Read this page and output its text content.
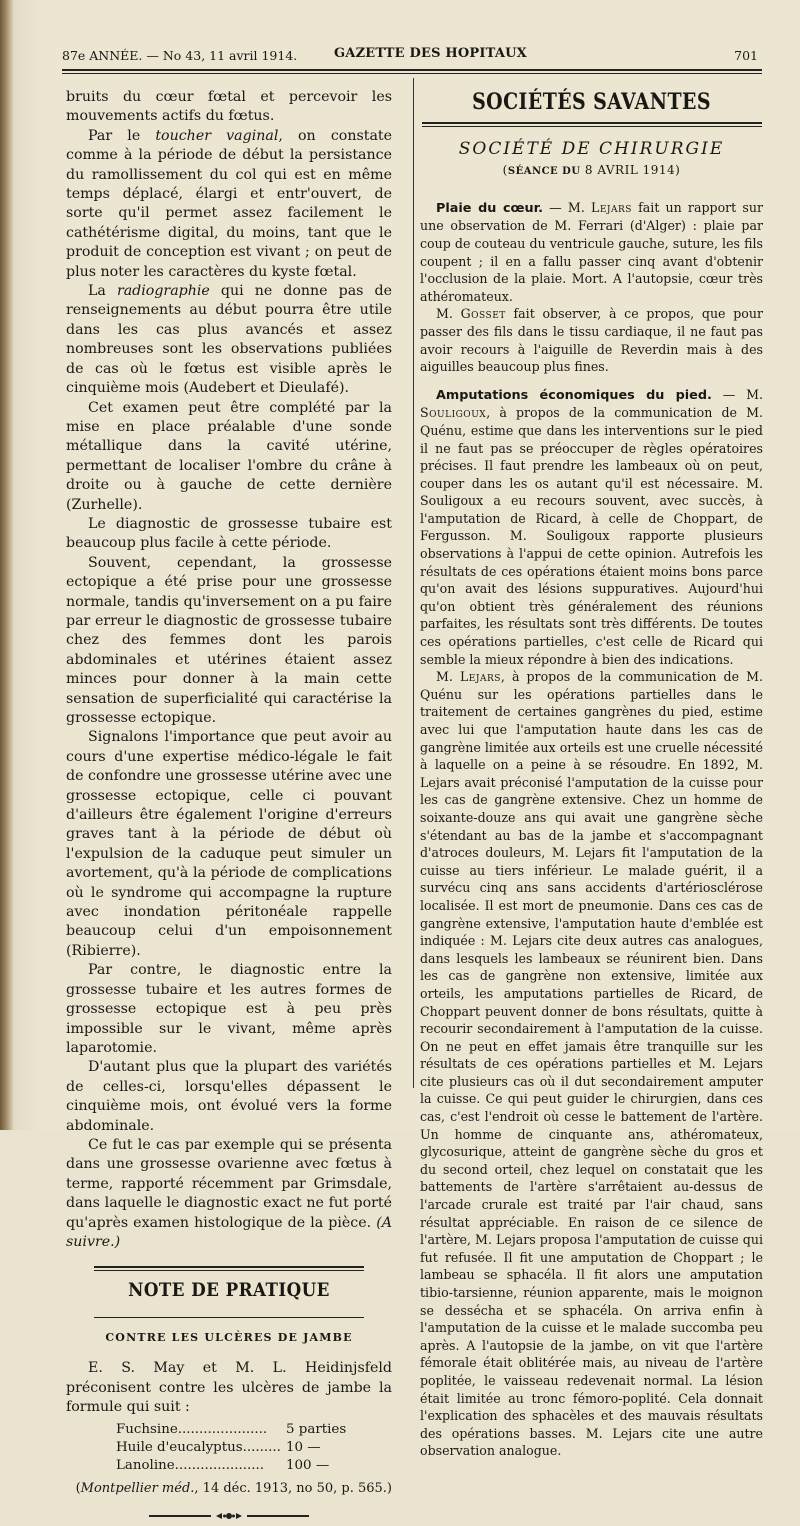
87e ANNÉE. — No 43, 11 avril 1914.	GAZETTE DES HOPITAUX	701

bruits du cœur fœtal et percevoir les mouvements actifs du fœtus.

Par le toucher vaginal, on constate comme à la période de début la persistance du ramollissement du col qui est en même temps déplacé, élargi et entr'ouvert, de sorte qu'il permet assez facilement le cathétérisme digital, du moins, tant que le produit de conception est vivant ; on peut de plus noter les caractères du kyste fœtal.

La radiographie qui ne donne pas de renseignements au début pourra être utile dans les cas plus avancés et assez nombreuses sont les observations publiées de cas où le fœtus est visible après le cinquième mois (Audebert et Dieulafé).

Cet examen peut être complété par la mise en place préalable d'une sonde métallique dans la cavité utérine, permettant de localiser l'ombre du crâne à droite ou à gauche de cette dernière (Zurhelle).

Le diagnostic de grossesse tubaire est beaucoup plus facile à cette période.

Souvent, cependant, la grossesse ectopique a été prise pour une grossesse normale, tandis qu'inversement on a pu faire par erreur le diagnostic de grossesse tubaire chez des femmes dont les parois abdominales et utérines étaient assez minces pour donner à la main cette sensation de superficialité qui caractérise la grossesse ectopique.

Signalons l'importance que peut avoir au cours d'une expertise médico-légale le fait de confondre une grossesse utérine avec une grossesse ectopique, celle ci pouvant d'ailleurs être également l'origine d'erreurs graves tant à la période de début où l'expulsion de la caduque peut simuler un avortement, qu'à la période de complications où le syndrome qui accompagne la rupture avec inondation péritonéale rappelle beaucoup celui d'un empoisonnement (Ribierre).

Par contre, le diagnostic entre la grossesse tubaire et les autres formes de grossesse ectopique est à peu près impossible sur le vivant, même après laparotomie.

D'autant plus que la plupart des variétés de celles-ci, lorsqu'elles dépassent le cinquième mois, ont évolué vers la forme abdominale.

Ce fut le cas par exemple qui se présenta dans une grossesse ovarienne avec fœtus à terme, rapporté récemment par Grimsdale, dans laquelle le diagnostic exact ne fut porté qu'après examen histologique de la pièce. (A suivre.)

NOTE DE PRATIQUE
CONTRE LES ULCÈRES DE JAMBE

E. S. May et M. L. Heidinjsfeld préconisent contre les ulcères de jambe la formule qui suit :

Fuchsine..................... 5 parties
Huile d'eucalyptus......... 10 —
Lanoline..................... 100 —
(Montpellier méd., 14 déc. 1913, no 50, p. 565.)

SOCIÉTÉS SAVANTES
SOCIÉTÉ DE CHIRURGIE
(SÉANCE DU 8 AVRIL 1914)

Plaie du cœur. — M. Lejars fait un rapport sur une observation de M. Ferrari (d'Alger) : plaie par coup de couteau du ventricule gauche, suture, les fils coupent ; il en a fallu passer cinq avant d'obtenir l'occlusion de la plaie. Mort. A l'autopsie, cœur très athéromateux.

M. Gosset fait observer, à ce propos, que pour passer des fils dans le tissu cardiaque, il ne faut pas avoir recours à l'aiguille de Reverdin mais à des aiguilles beaucoup plus fines.

Amputations économiques du pied. — M. Souligoux, à propos de la communication de M. Quénu, estime que dans les interventions sur le pied il ne faut pas se préoccuper de règles opératoires précises. Il faut prendre les lambeaux où on peut, couper dans les os autant qu'il est nécessaire. M. Souligoux a eu recours souvent, avec succès, à l'amputation de Ricard, à celle de Choppart, de Fergusson. M. Souligoux rapporte plusieurs observations à l'appui de cette opinion. Autrefois les résultats de ces opérations étaient moins bons parce qu'on avait des lésions suppuratives. Aujourd'hui qu'on obtient très généralement des réunions parfaites, les résultats sont très différents. De toutes ces opérations partielles, c'est celle de Ricard qui semble la mieux répondre à bien des indications.

M. Lejars, à propos de la communication de M. Quénu sur les opérations partielles dans le traitement de certaines gangrènes du pied, estime avec lui que l'amputation haute dans les cas de gangrène limitée aux orteils est une cruelle nécessité à laquelle on a peine à se résoudre. En 1892, M. Lejars avait préconisé l'amputation de la cuisse pour les cas de gangrène extensive. Chez un homme de soixante-douze ans qui avait une gangrène sèche s'étendant au bas de la jambe et s'accompagnant d'atroces douleurs, M. Lejars fit l'amputation de la cuisse au tiers inférieur. Le malade guérit, il a survécu cinq ans sans accidents d'artériosclérose localisée. Il est mort de pneumonie. Dans ces cas de gangrène extensive, l'amputation haute d'emblée est indiquée : M. Lejars cite deux autres cas analogues, dans lesquels les lambeaux se réunirent bien. Dans les cas de gangrène non extensive, limitée aux orteils, les amputations partielles de Ricard, de Choppart peuvent donner de bons résultats, quitte à recourir secondairement à l'amputation de la cuisse. On ne peut en effet jamais être tranquille sur les résultats de ces opérations partielles et M. Lejars cite plusieurs cas où il dut secondairement amputer la cuisse. Ce qui peut guider le chirurgien, dans ces cas, c'est l'endroit où cesse le battement de l'artère. Un homme de cinquante ans, athéromateux, glycosurique, atteint de gangrène sèche du gros et du second orteil, chez lequel on constatait que les battements de l'artère s'arrêtaient au-dessus de l'arcade crurale est traité par l'air chaud, sans résultat appréciable. En raison de ce silence de l'artère, M. Lejars proposa l'amputation de cuisse qui fut refusée. Il fit une amputation de Choppart ; le lambeau se sphacéla. Il fit alors une amputation tibio-tarsienne, réunion apparente, mais le moignon se dessécha et se sphacéla. On arriva enfin à l'amputation de la cuisse et le malade succomba peu après. A l'autopsie de la jambe, on vit que l'artère fémorale était oblitérée mais, au niveau de l'artère poplitée, le vaisseau redevenait normal. La lésion était limitée au tronc fémoro-poplité. Cela donnait l'explication des sphacèles et des mauvais résultats des opérations basses. M. Lejars cite une autre observation analogue.
